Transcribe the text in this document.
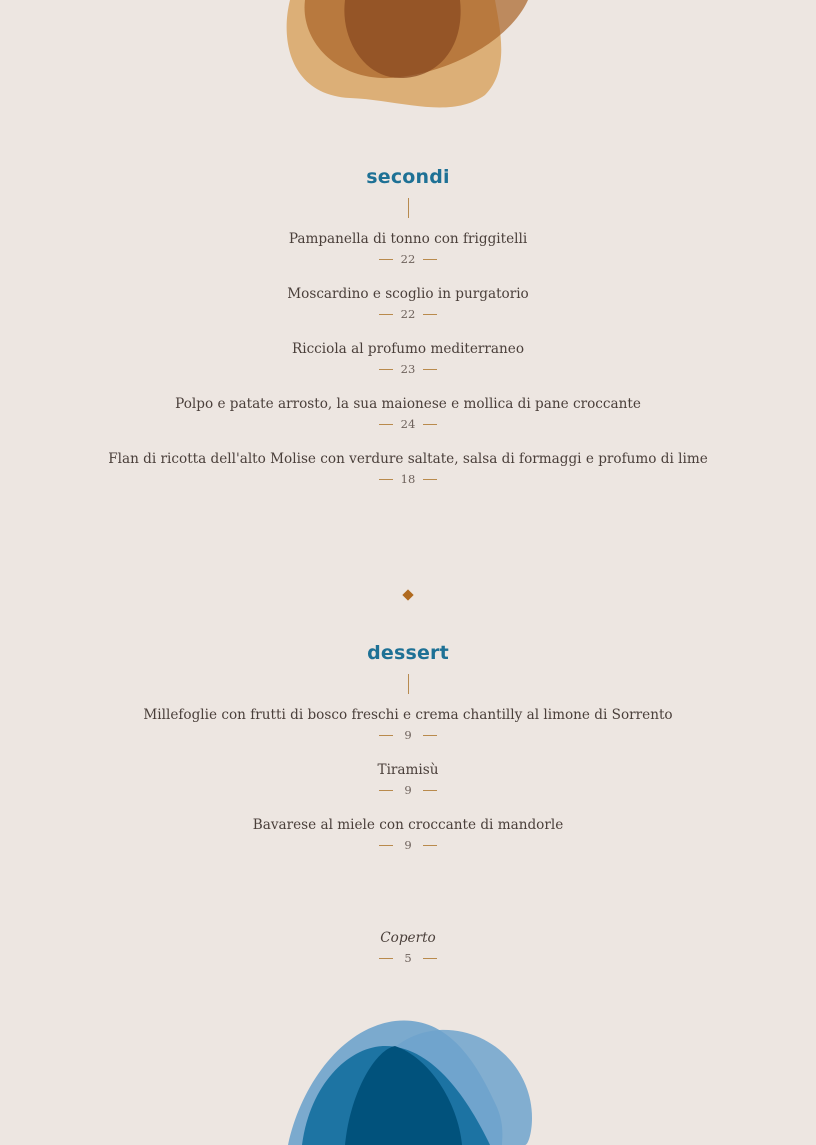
secondi
Pampanella di tonno con friggitelli
22
Moscardino e scoglio in purgatorio
22
Ricciola al profumo mediterraneo
23
Polpo e patate arrosto, la sua maionese e mollica di pane croccante
24
Flan di ricotta dell'alto Molise con verdure saltate, salsa di formaggi e profumo di lime
18
dessert
Millefoglie con frutti di bosco freschi e crema chantilly al limone di Sorrento
9
Tiramisù
9
Bavarese al miele con croccante di mandorle
9
Coperto
5
